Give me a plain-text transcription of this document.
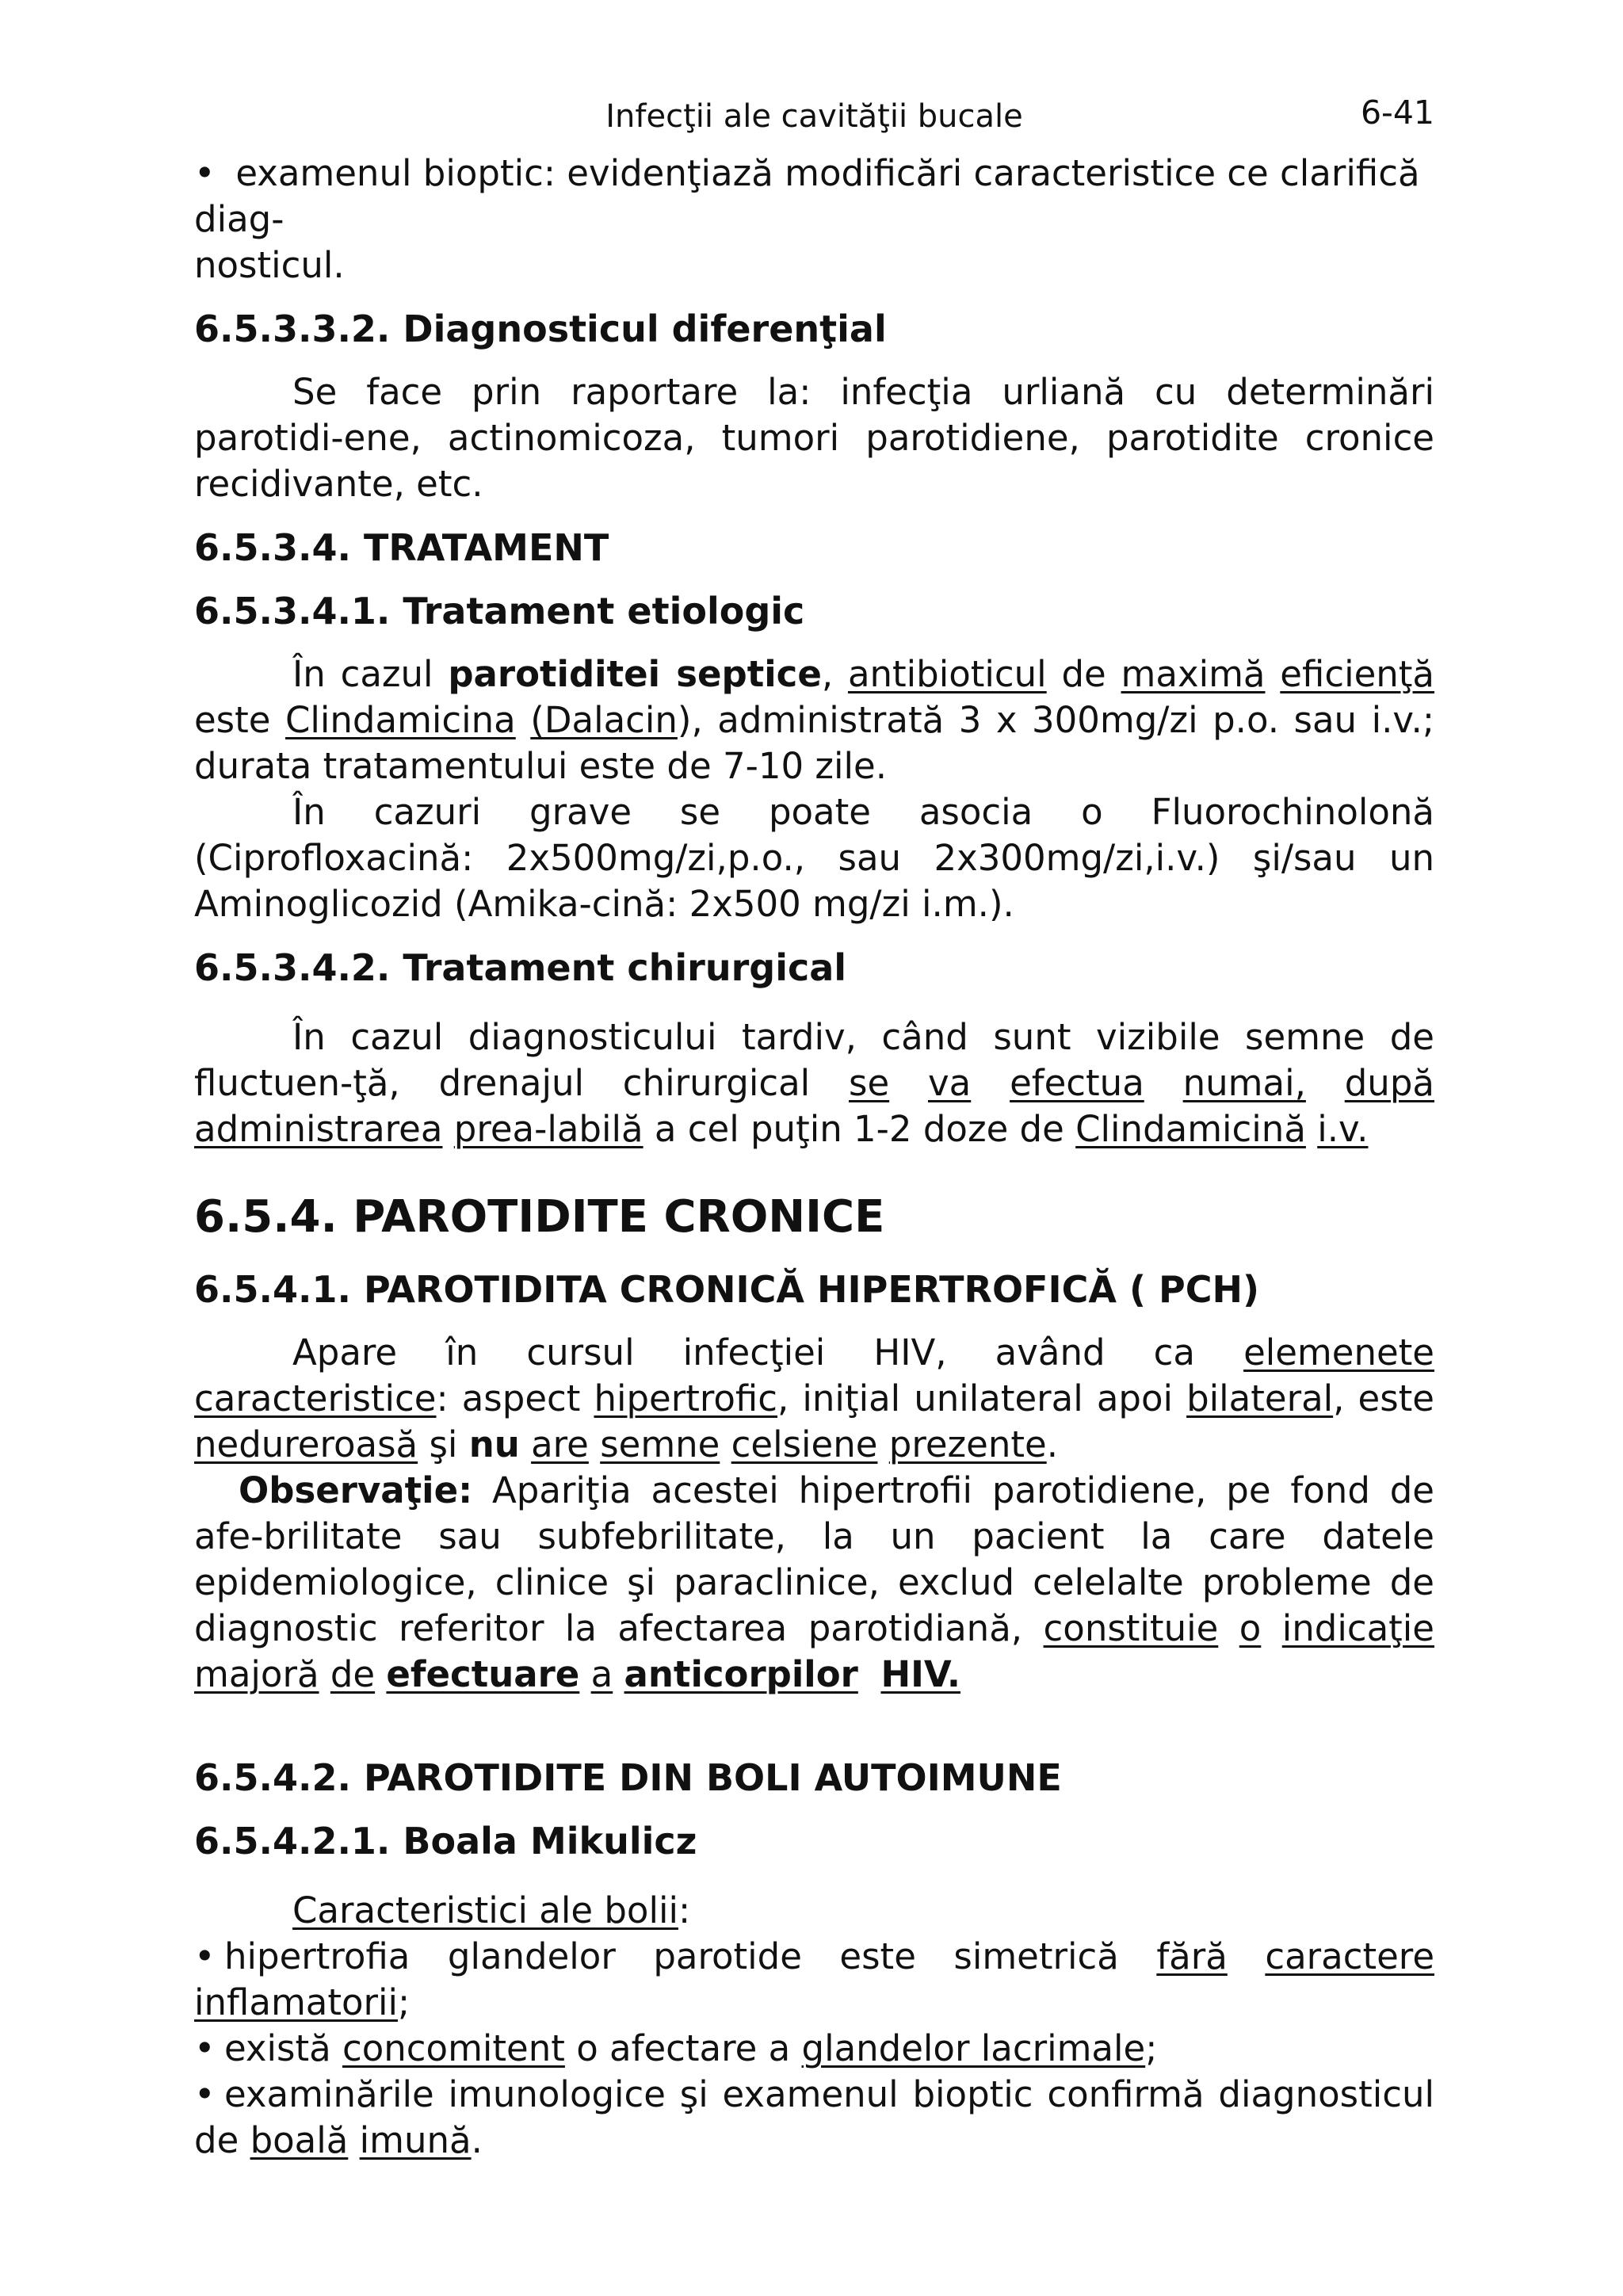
Infecţii ale cavităţii bucale	6-41

• examenul bioptic: evidenţiază modificări caracteristice ce clarifică diag-
nosticul.

6.5.3.3.2. Diagnosticul diferenţial

Se face prin raportare la: infecţia urliană cu determinări parotidi-ene, actinomicoza, tumori parotidiene, parotidite cronice recidivante, etc.

6.5.3.4. TRATAMENT
6.5.3.4.1. Tratament etiologic

În cazul parotiditei septice, antibioticul de maximă eficienţă este Clindamicina (Dalacin), administrată 3 x 300mg/zi p.o. sau i.v.; durata tratamentului este de 7-10 zile.

În cazuri grave se poate asocia o Fluorochinolonă (Ciprofloxacină: 2x500mg/zi,p.o., sau 2x300mg/zi,i.v.) şi/sau un Aminoglicozid (Amika-cină: 2x500 mg/zi i.m.).

6.5.3.4.2. Tratament chirurgical

În cazul diagnosticului tardiv, când sunt vizibile semne de fluctuen-ţă, drenajul chirurgical se va efectua numai, după administrarea prea-labilă a cel puţin 1-2 doze de Clindamicină i.v.

6.5.4. PAROTIDITE CRONICE
6.5.4.1. PAROTIDITA CRONICĂ HIPERTROFICĂ ( PCH)

Apare în cursul infecţiei HIV, având ca elemenete caracteristice: aspect hipertrofic, iniţial unilateral apoi bilateral, este nedureroasă şi nu are semne celsiene prezente.

Observaţie: Apariţia acestei hipertrofii parotidiene, pe fond de afe-brilitate sau subfebrilitate, la un pacient la care datele epidemiologice, clinice şi paraclinice, exclud celelalte probleme de diagnostic referitor la afectarea parotidiană, constituie o indicaţie majoră de efectuare a anticorpilor HIV.

6.5.4.2. PAROTIDITE DIN BOLI AUTOIMUNE
6.5.4.2.1. Boala Mikulicz

Caracteristici ale bolii:

• hipertrofia glandelor parotide este simetrică fără caractere inflamatorii;

• există concomitent o afectare a glandelor lacrimale;

• examinările imunologice şi examenul bioptic confirmă diagnosticul de boală imună.
